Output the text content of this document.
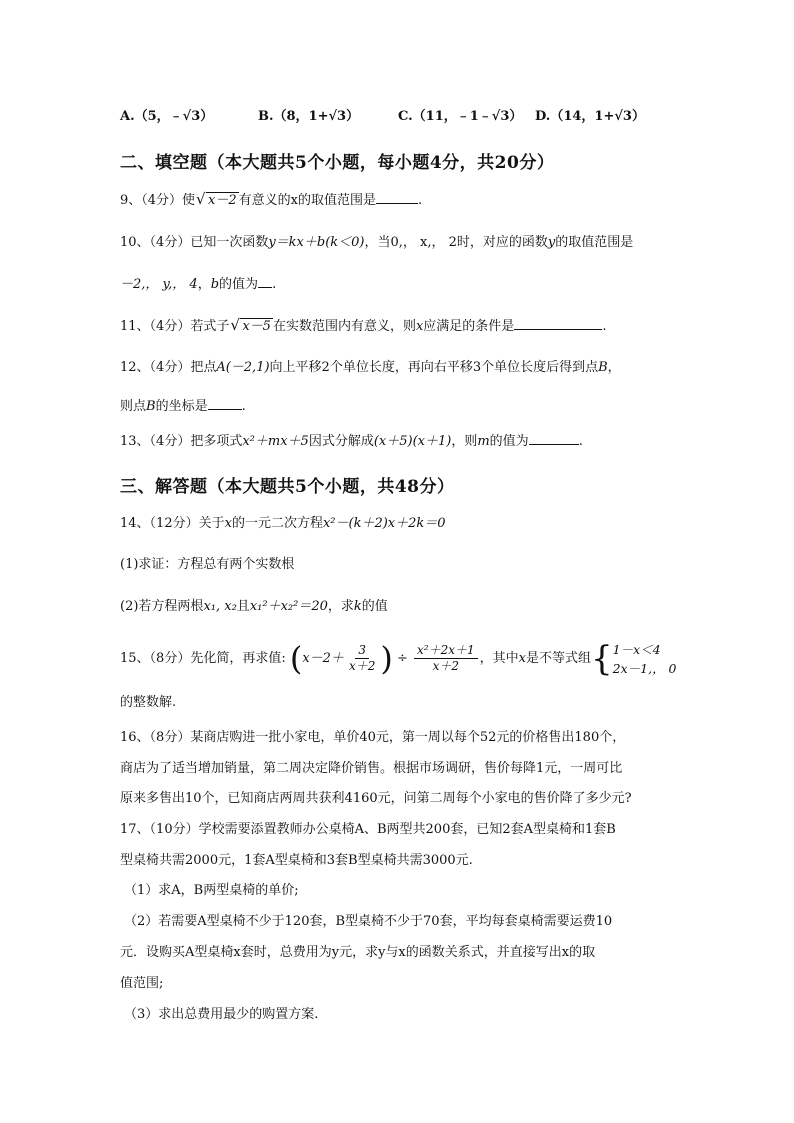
A.（5，﹣√3）	B.（8，1+√3）	C.（11，﹣1﹣√3） D.（14，1+√3）
二、填空题（本大题共5个小题，每小题4分，共20分）
9、（4分）使 √ x－2 有意义的x的取值范围是	.
10、（4分）已知一次函数y＝kx＋b(k＜0)，当0,， x,， 2时，对应的函数y的取值范围是
－2,， y,， 4，b的值为 .
11、（4分）若式子 √ x－5 在实数范围内有意义，则x应满足的条件是	.
12、（4分）把点A(－2,1)向上平移2个单位长度，再向右平移3个单位长度后得到点B，
则点B的坐标是	.
13、（4分）把多项式x²＋mx＋5因式分解成(x＋5)(x＋1)，则m的值为	.
三、解答题（本大题共5个小题，共48分）
14、（12分）关于x的一元二次方程x²－(k＋2)x＋2k＝0
(1)求证：方程总有两个实数根
(2)若方程两根x₁, x₂且x₁²＋x₂²＝20，求k的值
15、（8分）先化简，再求值: ($x-2+ \frac{3}{x+2}$ ) ÷ $\frac{\text{x²＋2x＋1}}{x+2}$ ，其中x是不等式组 { 1－x＜4
2x－1,， 0
的整数解.
16、（8分）某商店购进一批小家电，单价40元，第一周以每个52元的价格售出180个，
商店为了适当增加销量，第二周决定降价销售。根据市场调研，售价每降1元，一周可比
原来多售出10个，已知商店两周共获利4160元，问第二周每个小家电的售价降了多少元?
17、（10分）学校需要添置教师办公桌椅A、B两型共200套，已知2套A型桌椅和1套B
型桌椅共需2000元，1套A型桌椅和3套B型桌椅共需3000元.
（1）求A，B两型桌椅的单价;
（2）若需要A型桌椅不少于120套，B型桌椅不少于70套，平均每套桌椅需要运费10
元．设购买A型桌椅x套时，总费用为y元，求y与x的函数关系式，并直接写出x的取
值范围;
（3）求出总费用最少的购置方案.
